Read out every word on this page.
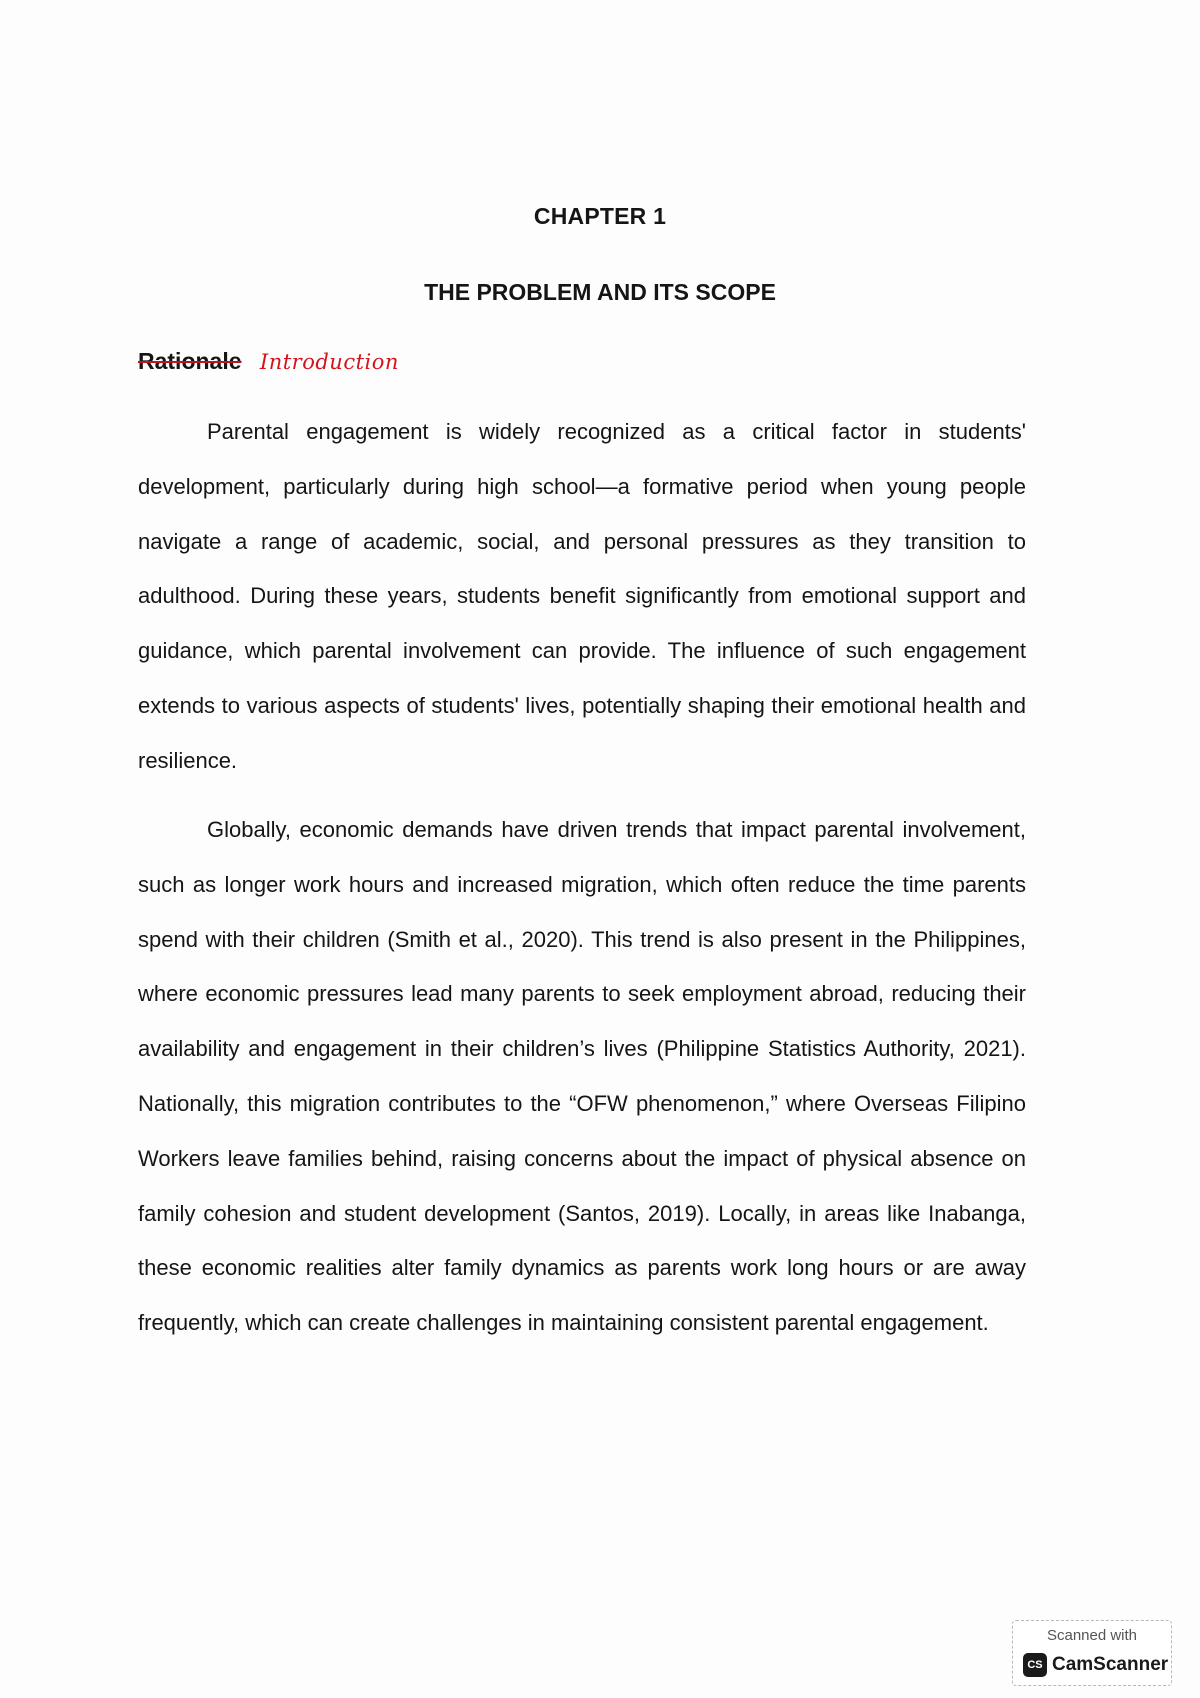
CHAPTER 1
THE PROBLEM AND ITS SCOPE
Rationale Introduction

Parental engagement is widely recognized as a critical factor in students' development, particularly during high school—a formative period when young people navigate a range of academic, social, and personal pressures as they transition to adulthood. During these years, students benefit significantly from emotional support and guidance, which parental involvement can provide. The influence of such engagement extends to various aspects of students' lives, potentially shaping their emotional health and resilience.

Globally, economic demands have driven trends that impact parental involvement, such as longer work hours and increased migration, which often reduce the time parents spend with their children (Smith et al., 2020). This trend is also present in the Philippines, where economic pressures lead many parents to seek employment abroad, reducing their availability and engagement in their children’s lives (Philippine Statistics Authority, 2021). Nationally, this migration contributes to the “OFW phenomenon,” where Overseas Filipino Workers leave families behind, raising concerns about the impact of physical absence on family cohesion and student development (Santos, 2019). Locally, in areas like Inabanga, these economic realities alter family dynamics as parents work long hours or are away frequently, which can create challenges in maintaining consistent parental engagement.

Scanned with
CS CamScanner
